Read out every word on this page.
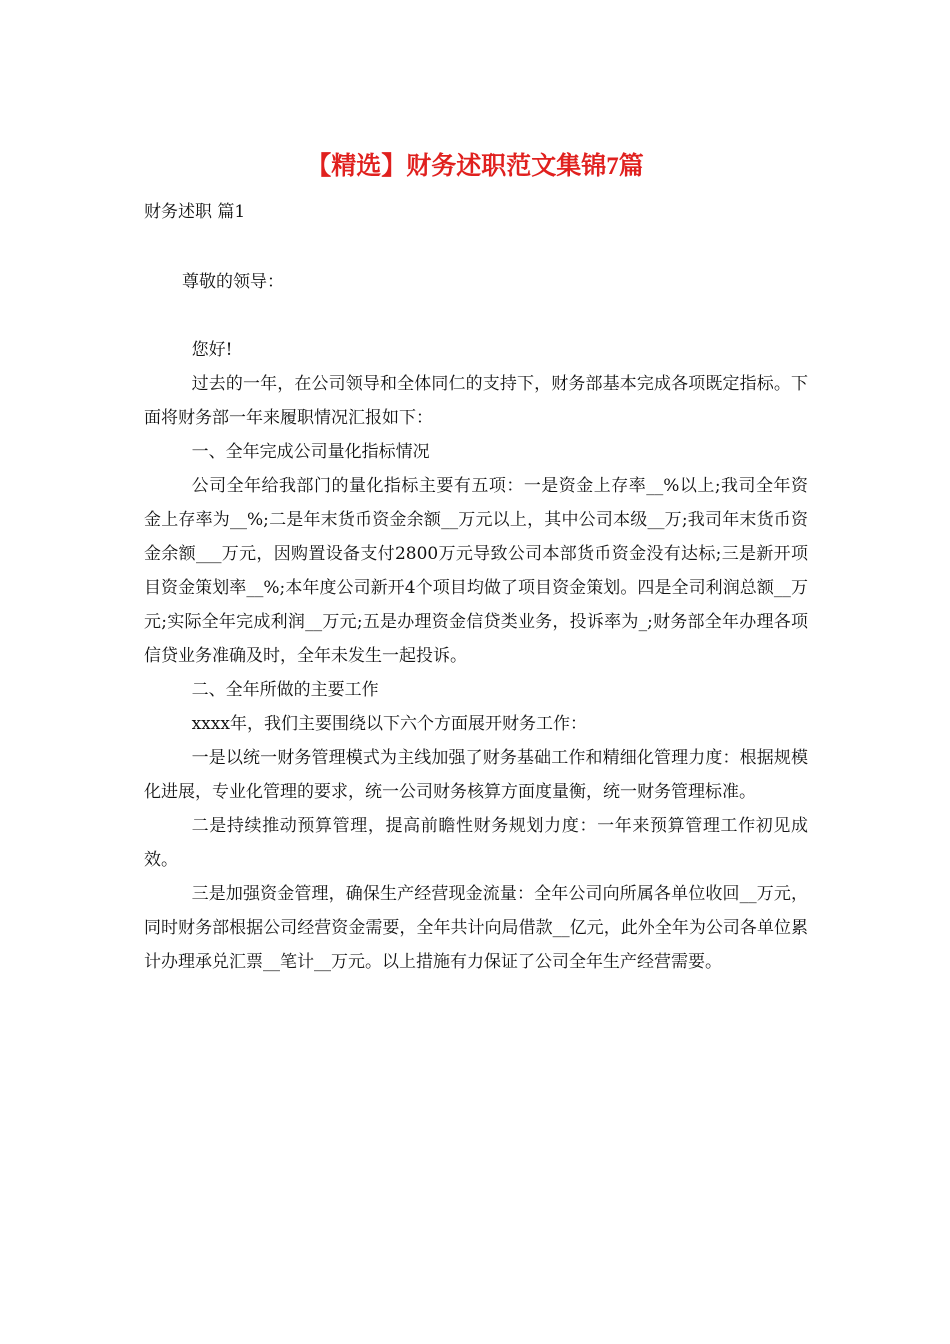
【精选】财务述职范文集锦7篇
财务述职 篇1
尊敬的领导：

您好!

过去的一年，在公司领导和全体同仁的支持下，财务部基本完成各项既定指标。下面将财务部一年来履职情况汇报如下：

一、全年完成公司量化指标情况

公司全年给我部门的量化指标主要有五项：一是资金上存率__%以上;我司全年资金上存率为__%;二是年末货币资金余额__万元以上，其中公司本级__万;我司年末货币资金余额___万元，因购置设备支付2800万元导致公司本部货币资金没有达标;三是新开项目资金策划率__%;本年度公司新开4个项目均做了项目资金策划。四是全司利润总额__万元;实际全年完成利润__万元;五是办理资金信贷类业务，投诉率为_;财务部全年办理各项信贷业务准确及时，全年未发生一起投诉。

二、全年所做的主要工作

xxxx年，我们主要围绕以下六个方面展开财务工作：

一是以统一财务管理模式为主线加强了财务基础工作和精细化管理力度：根据规模化进展，专业化管理的要求，统一公司财务核算方面度量衡，统一财务管理标准。

二是持续推动预算管理，提高前瞻性财务规划力度：一年来预算管理工作初见成效。

三是加强资金管理，确保生产经营现金流量：全年公司向所属各单位收回__万元，同时财务部根据公司经营资金需要，全年共计向局借款__亿元，此外全年为公司各单位累计办理承兑汇票__笔计__万元。以上措施有力保证了公司全年生产经营需要。
